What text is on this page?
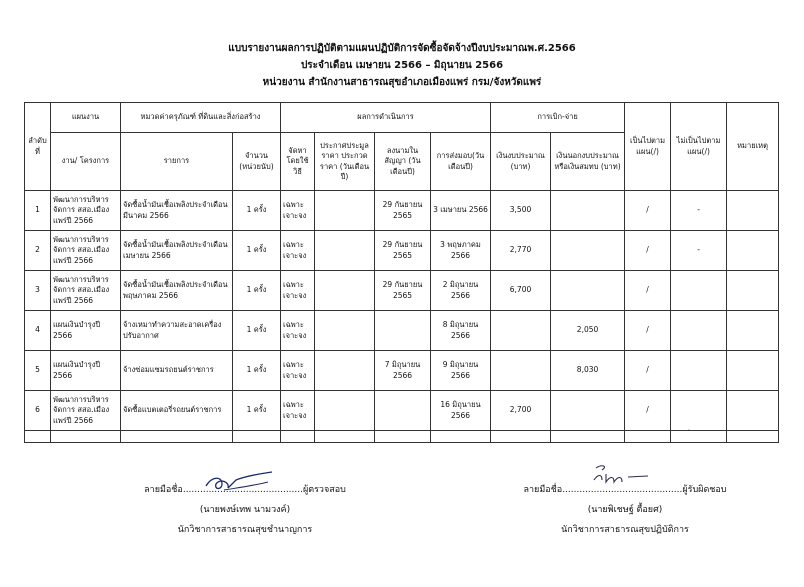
แบบรายงานผลการปฏิบัติตามแผนปฏิบัติการจัดซื้อจัดจ้างปีงบประมาณพ.ศ.2566
ประจำเดือน เมษายน 2566 – มิถุนายน 2566
หน่วยงาน สำนักงานสาธารณสุขอำเภอเมืองแพร่ กรม/จังหวัดแพร่
ลำดับที่	แผนงาน	หมวดค่าครุภัณฑ์ ที่ดินและสิ่งก่อสร้าง		ผลการดำเนินการ				การเบิก-จ่าย		เป็นไปตามแผน(/)	ไม่เป็นไปตามแผน(/)	หมายเหตุ
	งาน/ โครงการ	รายการ	จำนวน (หน่วยนับ)	จัดหาโดยใช้วิธี	ประกาศประมูลราคา ประกวดราคา (วันเดือนปี)	ลงนามในสัญญา (วันเดือนปี)	การส่งมอบ(วันเดือนปี)	เงินงบประมาณ (บาท)	เงินนอกงบประมาณหรือเงินสมทบ (บาท)			
1	พัฒนาการบริหารจัดการ สสอ.เมืองแพร่ปี 2566	จัดซื้อน้ำมันเชื้อเพลิงประจำเดือนมีนาคม 2566	1 ครั้ง	เฉพาะเจาะจง		29 กันยายน 2565	3 เมษายน 2566	3,500		/	-	
2	พัฒนาการบริหารจัดการ สสอ.เมืองแพร่ปี 2566	จัดซื้อน้ำมันเชื้อเพลิงประจำเดือนเมษายน 2566	1 ครั้ง	เฉพาะเจาะจง		29 กันยายน 2565	3 พฤษภาคม 2566	2,770		/	-	
3	พัฒนาการบริหารจัดการ สสอ.เมืองแพร่ปี 2566	จัดซื้อน้ำมันเชื้อเพลิงประจำเดือนพฤษภาคม 2566	1 ครั้ง	เฉพาะเจาะจง		29 กันยายน 2565	2 มิถุนายน 2566	6,700		/		
4	แผนเงินบำรุงปี 2566	จ้างเหมาทำความสะอาดเครื่องปรับอากาศ	1 ครั้ง	เฉพาะเจาะจง			8 มิถุนายน 2566		2,050	/		
5	แผนเงินบำรุงปี 2566	จ้างซ่อมแซมรถยนต์ราชการ	1 ครั้ง	เฉพาะเจาะจง		7 มิถุนายน 2566	9 มิถุนายน 2566		8,030	/		
6	พัฒนาการบริหารจัดการ สสอ.เมืองแพร่ปี 2566	จัดซื้อแบตเตอรี่รถยนต์ราชการ	1 ครั้ง	เฉพาะเจาะจง			16 มิถุนายน 2566	2,700		/		

·
ลายมือชื่อ..........................................ผู้ตรวจสอบ
(นายพงษ์เทพ นามวงค์)
นักวิชาการสาธารณสุขชำนาญการ
ลายมือชื่อ..........................................ผู้รับผิดชอบ
(นายพิเชษฐ์ ตื้อยศ)
นักวิชาการสาธารณสุขปฏิบัติการ
